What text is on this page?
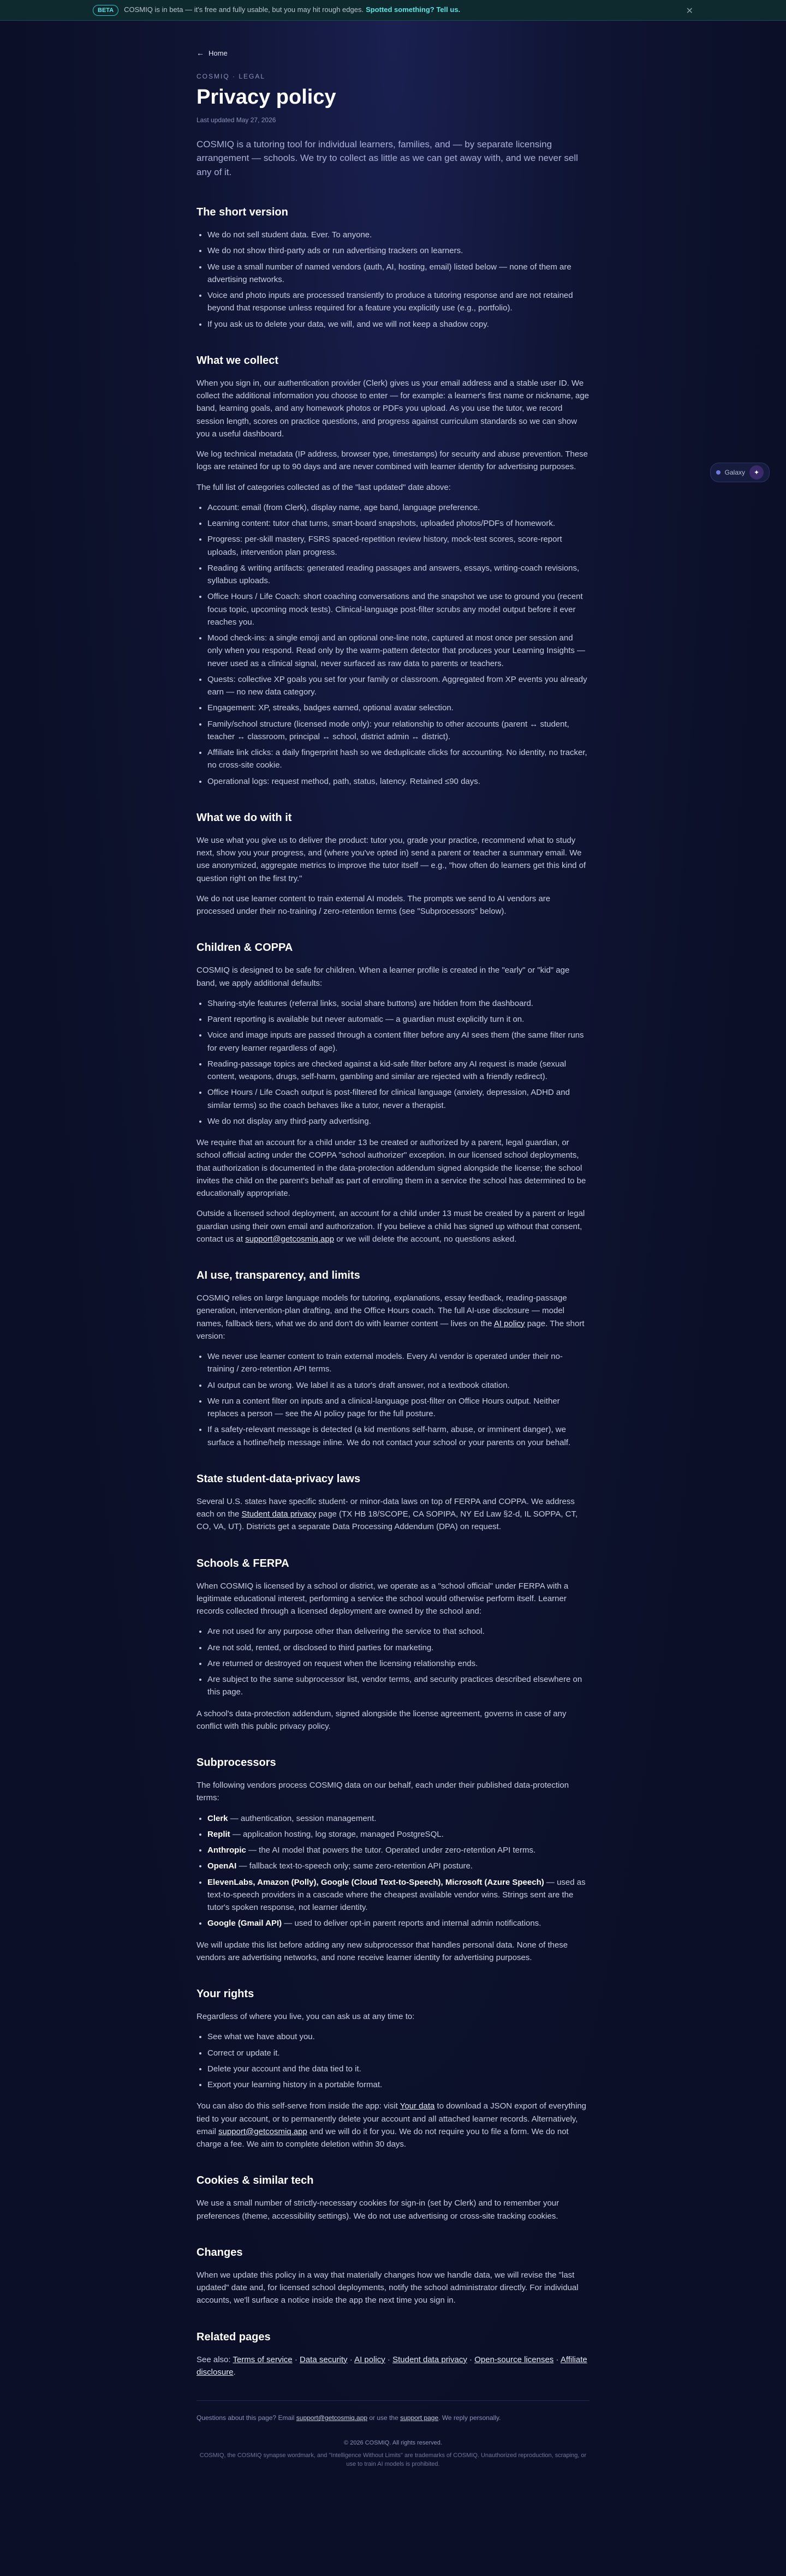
BETA	COSMIQ is in beta — it's free and fully usable, but you may hit rough edges. Spotted something? Tell us.	✕
Galaxy	✦
← Home
COSMIQ · LEGAL
Privacy policy
Last updated May 27, 2026

COSMIQ is a tutoring tool for individual learners, families, and — by separate licensing arrangement — schools. We try to collect as little as we can get away with, and we never sell any of it.

The short version
• We do not sell student data. Ever. To anyone.
• We do not show third-party ads or run advertising trackers on learners.
• We use a small number of named vendors (auth, AI, hosting, email) listed below — none of them are advertising networks.
• Voice and photo inputs are processed transiently to produce a tutoring response and are not retained beyond that response unless required for a feature you explicitly use (e.g., portfolio).
• If you ask us to delete your data, we will, and we will not keep a shadow copy.
What we collect

When you sign in, our authentication provider (Clerk) gives us your email address and a stable user ID. We collect the additional information you choose to enter — for example: a learner's first name or nickname, age band, learning goals, and any homework photos or PDFs you upload. As you use the tutor, we record session length, scores on practice questions, and progress against curriculum standards so we can show you a useful dashboard.

We log technical metadata (IP address, browser type, timestamps) for security and abuse prevention. These logs are retained for up to 90 days and are never combined with learner identity for advertising purposes.

The full list of categories collected as of the "last updated" date above:

• Account: email (from Clerk), display name, age band, language preference.
• Learning content: tutor chat turns, smart-board snapshots, uploaded photos/PDFs of homework.
• Progress: per-skill mastery, FSRS spaced-repetition review history, mock-test scores, score-report uploads, intervention plan progress.
• Reading & writing artifacts: generated reading passages and answers, essays, writing-coach revisions, syllabus uploads.
• Office Hours / Life Coach: short coaching conversations and the snapshot we use to ground you (recent focus topic, upcoming mock tests). Clinical-language post-filter scrubs any model output before it ever reaches you.
• Mood check-ins: a single emoji and an optional one-line note, captured at most once per session and only when you respond. Read only by the warm-pattern detector that produces your Learning Insights — never used as a clinical signal, never surfaced as raw data to parents or teachers.
• Quests: collective XP goals you set for your family or classroom. Aggregated from XP events you already earn — no new data category.
• Engagement: XP, streaks, badges earned, optional avatar selection.
• Family/school structure (licensed mode only): your relationship to other accounts (parent ↔ student, teacher ↔ classroom, principal ↔ school, district admin ↔ district).
• Affiliate link clicks: a daily fingerprint hash so we deduplicate clicks for accounting. No identity, no tracker, no cross-site cookie.
• Operational logs: request method, path, status, latency. Retained ≤90 days.
What we do with it

We use what you give us to deliver the product: tutor you, grade your practice, recommend what to study next, show you your progress, and (where you've opted in) send a parent or teacher a summary email. We use anonymized, aggregate metrics to improve the tutor itself — e.g., "how often do learners get this kind of question right on the first try."

We do not use learner content to train external AI models. The prompts we send to AI vendors are processed under their no-training / zero-retention terms (see "Subprocessors" below).

Children & COPPA

COSMIQ is designed to be safe for children. When a learner profile is created in the "early" or "kid" age band, we apply additional defaults:

• Sharing-style features (referral links, social share buttons) are hidden from the dashboard.
• Parent reporting is available but never automatic — a guardian must explicitly turn it on.
• Voice and image inputs are passed through a content filter before any AI sees them (the same filter runs for every learner regardless of age).
• Reading-passage topics are checked against a kid-safe filter before any AI request is made (sexual content, weapons, drugs, self-harm, gambling and similar are rejected with a friendly redirect).
• Office Hours / Life Coach output is post-filtered for clinical language (anxiety, depression, ADHD and similar terms) so the coach behaves like a tutor, never a therapist.
• We do not display any third-party advertising.

We require that an account for a child under 13 be created or authorized by a parent, legal guardian, or school official acting under the COPPA "school authorizer" exception. In our licensed school deployments, that authorization is documented in the data-protection addendum signed alongside the license; the school invites the child on the parent's behalf as part of enrolling them in a service the school has determined to be educationally appropriate.

Outside a licensed school deployment, an account for a child under 13 must be created by a parent or legal guardian using their own email and authorization. If you believe a child has signed up without that consent, contact us at support@getcosmiq.app or we will delete the account, no questions asked.

AI use, transparency, and limits

COSMIQ relies on large language models for tutoring, explanations, essay feedback, reading-passage generation, intervention-plan drafting, and the Office Hours coach. The full AI-use disclosure — model names, fallback tiers, what we do and don't do with learner content — lives on the AI policy page. The short version:

• We never use learner content to train external models. Every AI vendor is operated under their no-training / zero-retention API terms.
• AI output can be wrong. We label it as a tutor's draft answer, not a textbook citation.
• We run a content filter on inputs and a clinical-language post-filter on Office Hours output. Neither replaces a person — see the AI policy page for the full posture.
• If a safety-relevant message is detected (a kid mentions self-harm, abuse, or imminent danger), we surface a hotline/help message inline. We do not contact your school or your parents on your behalf.
State student-data-privacy laws

Several U.S. states have specific student- or minor-data laws on top of FERPA and COPPA. We address each on the Student data privacy page (TX HB 18/SCOPE, CA SOPIPA, NY Ed Law §2-d, IL SOPPA, CT, CO, VA, UT). Districts get a separate Data Processing Addendum (DPA) on request.

Schools & FERPA

When COSMIQ is licensed by a school or district, we operate as a "school official" under FERPA with a legitimate educational interest, performing a service the school would otherwise perform itself. Learner records collected through a licensed deployment are owned by the school and:

• Are not used for any purpose other than delivering the service to that school.
• Are not sold, rented, or disclosed to third parties for marketing.
• Are returned or destroyed on request when the licensing relationship ends.
• Are subject to the same subprocessor list, vendor terms, and security practices described elsewhere on this page.

A school's data-protection addendum, signed alongside the license agreement, governs in case of any conflict with this public privacy policy.

Subprocessors

The following vendors process COSMIQ data on our behalf, each under their published data-protection terms:

• Clerk — authentication, session management.
• Replit — application hosting, log storage, managed PostgreSQL.
• Anthropic — the AI model that powers the tutor. Operated under zero-retention API terms.
• OpenAI — fallback text-to-speech only; same zero-retention API posture.
• ElevenLabs, Amazon (Polly), Google (Cloud Text-to-Speech), Microsoft (Azure Speech) — used as text-to-speech providers in a cascade where the cheapest available vendor wins. Strings sent are the tutor's spoken response, not learner identity.
• Google (Gmail API) — used to deliver opt-in parent reports and internal admin notifications.

We will update this list before adding any new subprocessor that handles personal data. None of these vendors are advertising networks, and none receive learner identity for advertising purposes.

Your rights

Regardless of where you live, you can ask us at any time to:

• See what we have about you.
• Correct or update it.
• Delete your account and the data tied to it.
• Export your learning history in a portable format.

You can also do this self-serve from inside the app: visit Your data to download a JSON export of everything tied to your account, or to permanently delete your account and all attached learner records. Alternatively, email support@getcosmiq.app and we will do it for you. We do not require you to file a form. We do not charge a fee. We aim to complete deletion within 30 days.

Cookies & similar tech

We use a small number of strictly-necessary cookies for sign-in (set by Clerk) and to remember your preferences (theme, accessibility settings). We do not use advertising or cross-site tracking cookies.

Changes

When we update this policy in a way that materially changes how we handle data, we will revise the "last updated" date and, for licensed school deployments, notify the school administrator directly. For individual accounts, we'll surface a notice inside the app the next time you sign in.

Related pages

See also: Terms of service · Data security · AI policy · Student data privacy · Open-source licenses · Affiliate disclosure.

Questions about this page? Email support@getcosmiq.app or use the support page. We reply personally.

© 2026 COSMIQ. All rights reserved.
COSMIQ, the COSMIQ synapse wordmark, and "Intelligence Without Limits" are trademarks of COSMIQ. Unauthorized reproduction, scraping, or use to train AI models is prohibited.
